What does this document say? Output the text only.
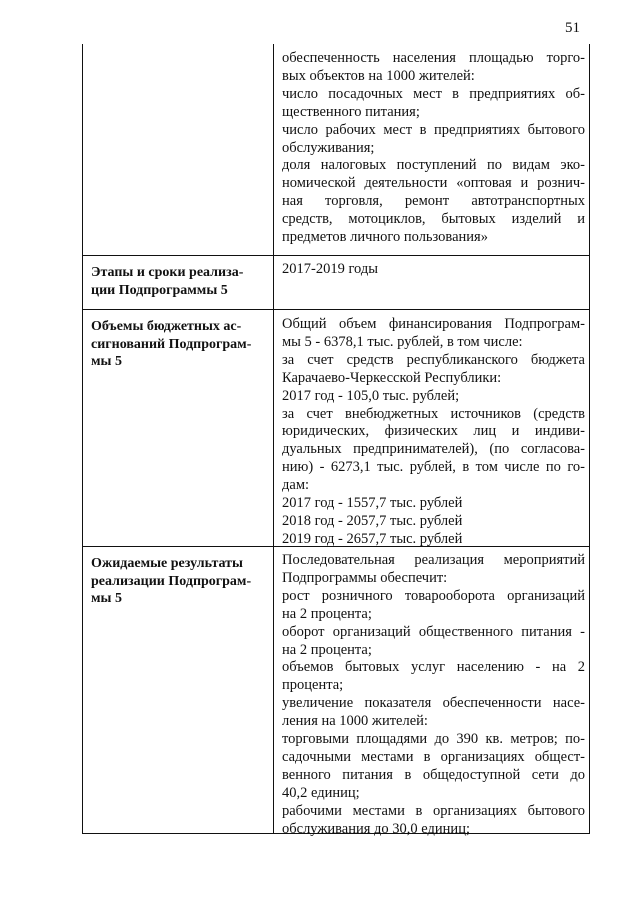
51
обеспеченность населения площадью торго-
вых объектов на 1000 жителей:
число посадочных мест в предприятиях об-
щественного питания;
число рабочих мест в предприятиях бытового
обслуживания;
доля налоговых поступлений по видам эко-
номической деятельности «оптовая и рознич-
ная торговля, ремонт автотранспортных
средств, мотоциклов, бытовых изделий и
предметов личного пользования»
Этапы и сроки реализа-
ции Подпрограммы 5
2017-2019 годы
Объемы бюджетных ас-
сигнований Подпрограм-
мы 5
Общий объем финансирования Подпрограм-
мы 5 - 6378,1 тыс. рублей, в том числе:
за счет средств республиканского бюджета
Карачаево-Черкесской Республики:
2017 год - 105,0 тыс. рублей;
за счет внебюджетных источников (средств
юридических, физических лиц и индиви-
дуальных предпринимателей), (по согласова-
нию) - 6273,1 тыс. рублей, в том числе по го-
дам:
2017 год - 1557,7 тыс. рублей
2018 год - 2057,7 тыс. рублей
2019 год - 2657,7 тыс. рублей
Ожидаемые результаты
реализации Подпрограм-
мы 5
Последовательная реализация мероприятий
Подпрограммы обеспечит:
рост розничного товарооборота организаций
на 2 процента;
оборот организаций общественного питания -
на 2 процента;
объемов бытовых услуг населению - на 2
процента;
увеличение показателя обеспеченности насе-
ления на 1000 жителей:
торговыми площадями до 390 кв. метров; по-
садочными местами в организациях общест-
венного питания в общедоступной сети до
40,2 единиц;
рабочими местами в организациях бытового
обслуживания до 30,0 единиц;
